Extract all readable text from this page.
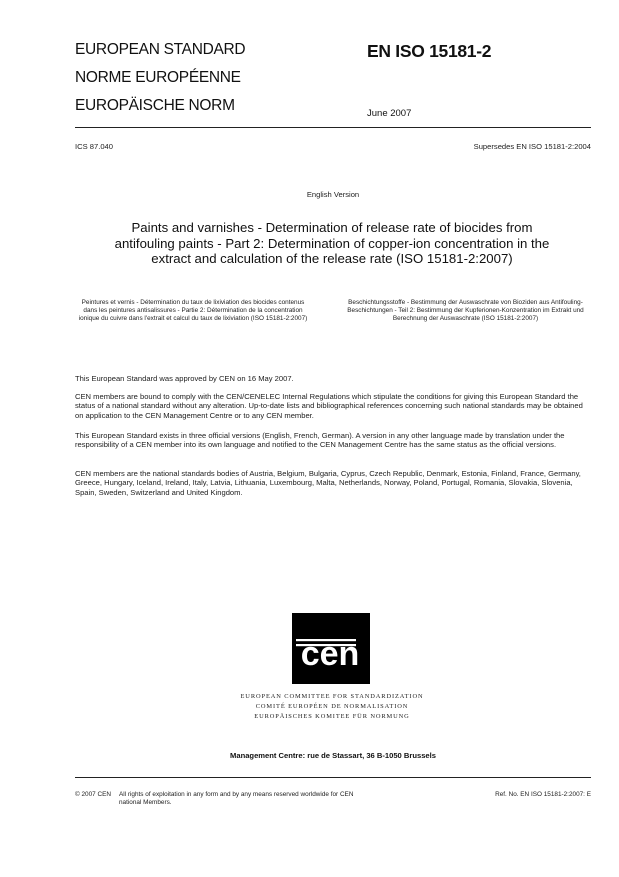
EUROPEAN STANDARD
NORME EUROPÉENNE
EUROPÄISCHE NORM
EN ISO 15181-2
June 2007
ICS 87.040	Supersedes EN ISO 15181-2:2004
English Version
Paints and varnishes - Determination of release rate of biocides from antifouling paints - Part 2: Determination of copper-ion concentration in the extract and calculation of the release rate (ISO 15181-2:2007)
Peintures et vernis - Détermination du taux de lixiviation des biocides contenus dans les peintures antisalissures - Partie 2: Détermination de la concentration ionique du cuivre dans l'extrait et calcul du taux de lixiviation (ISO 15181-2:2007)
Beschichtungsstoffe - Bestimmung der Auswaschrate von Bioziden aus Antifouling-Beschichtungen - Teil 2: Bestimmung der Kupferionen-Konzentration im Extrakt und Berechnung der Auswaschrate (ISO 15181-2:2007)
This European Standard was approved by CEN on 16 May 2007.
CEN members are bound to comply with the CEN/CENELEC Internal Regulations which stipulate the conditions for giving this European Standard the status of a national standard without any alteration. Up-to-date lists and bibliographical references concerning such national standards may be obtained on application to the CEN Management Centre or to any CEN member.
This European Standard exists in three official versions (English, French, German). A version in any other language made by translation under the responsibility of a CEN member into its own language and notified to the CEN Management Centre has the same status as the official versions.
CEN members are the national standards bodies of Austria, Belgium, Bulgaria, Cyprus, Czech Republic, Denmark, Estonia, Finland, France, Germany, Greece, Hungary, Iceland, Ireland, Italy, Latvia, Lithuania, Luxembourg, Malta, Netherlands, Norway, Poland, Portugal, Romania, Slovakia, Slovenia, Spain, Sweden, Switzerland and United Kingdom.
cen
EUROPEAN COMMITTEE FOR STANDARDIZATION
COMITÉ EUROPÉEN DE NORMALISATION
EUROPÄISCHES KOMITEE FÜR NORMUNG
Management Centre: rue de Stassart, 36 B-1050 Brussels
© 2007 CEN All rights of exploitation in any form and by any means reserved worldwide for CEN national Members.
Ref. No. EN ISO 15181-2:2007: E
